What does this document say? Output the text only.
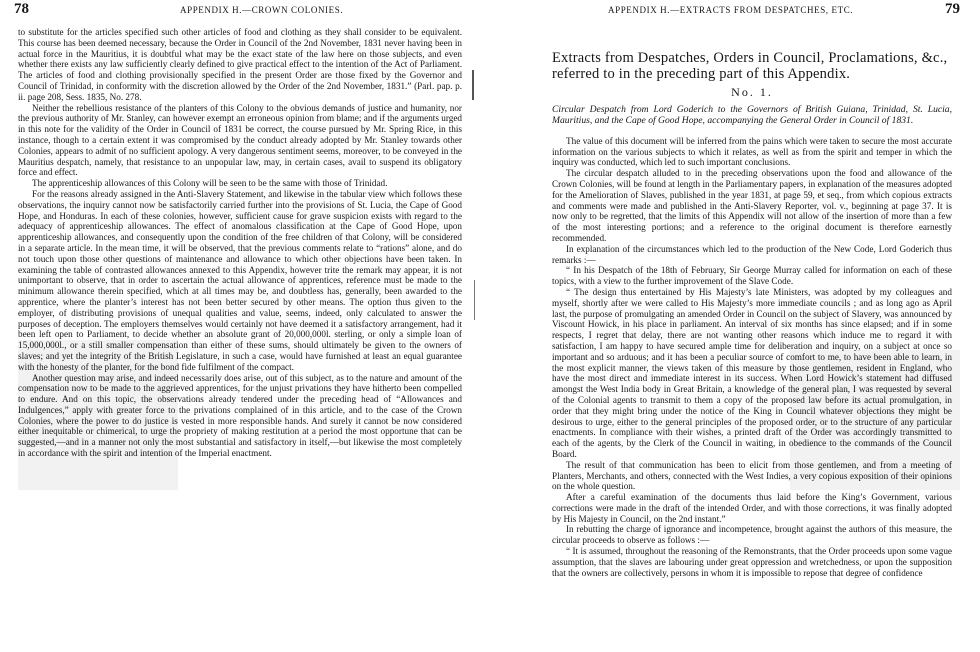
78	APPENDIX H.—CROWN COLONIES.

to substitute for the articles specified such other articles of food and clothing as they shall consider to be equivalent. This course has been deemed necessary, because the Order in Council of the 2nd November, 1831 never having been in actual force in the Mauritius, it is doubtful what may be the exact state of the law here on those subjects, and even whether there exists any law sufficiently clearly defined to give practical effect to the intention of the Act of Parliament. The articles of food and clothing provisionally specified in the present Order are those fixed by the Governor and Council of Trinidad, in conformity with the discretion allowed by the Order of the 2nd November, 1831.” (Parl. pap. p. ii. page 208, Sess. 1835, No. 278.

Neither the rebellious resistance of the planters of this Colony to the obvious demands of justice and humanity, nor the previous authority of Mr. Stanley, can however exempt an erroneous opinion from blame; and if the arguments urged in this note for the validity of the Order in Council of 1831 be correct, the course pursued by Mr. Spring Rice, in this instance, though to a certain extent it was compromised by the conduct already adopted by Mr. Stanley towards other Colonies, appears to admit of no sufficient apology. A very dangerous sentiment seems, moreover, to be conveyed in the Mauritius despatch, namely, that resistance to an unpopular law, may, in certain cases, avail to suspend its obligatory force and effect.

The apprenticeship allowances of this Colony will be seen to be the same with those of Trinidad.

For the reasons already assigned in the Anti-Slavery Statement, and likewise in the tabular view which follows these observations, the inquiry cannot now be satisfactorily carried further into the provisions of St. Lucia, the Cape of Good Hope, and Honduras. In each of these colonies, however, sufficient cause for grave suspicion exists with regard to the adequacy of apprenticeship allowances. The effect of anomalous classification at the Cape of Good Hope, upon apprenticeship allowances, and consequently upon the condition of the free children of that Colony, will be considered in a separate article. In the mean time, it will be observed, that the previous comments relate to “rations” alone, and do not touch upon those other questions of maintenance and allowance to which other objections have been taken. In examining the table of contrasted allowances annexed to this Appendix, however trite the remark may appear, it is not unimportant to observe, that in order to ascertain the actual allowance of apprentices, reference must be made to the minimum allowance therein specified, which at all times may be, and doubtless has, generally, been awarded to the apprentice, where the planter’s interest has not been better secured by other means. The option thus given to the employer, of distributing provisions of unequal qualities and value, seems, indeed, only calculated to answer the purposes of deception. The employers themselves would certainly not have deemed it a satisfactory arrangement, had it been left open to Parliament, to decide whether an absolute grant of 20,000,000l. sterling, or only a simple loan of 15,000,000l., or a still smaller compensation than either of these sums, should ultimately be given to the owners of slaves; and yet the integrity of the British Legislature, in such a case, would have furnished at least an equal guarantee with the honesty of the planter, for the bond fide fulfilment of the compact.

Another question may arise, and indeed necessarily does arise, out of this subject, as to the nature and amount of the compensation now to be made to the aggrieved apprentices, for the unjust privations they have hitherto been compelled to endure. And on this topic, the observations already tendered under the preceding head of “Allowances and Indulgences,” apply with greater force to the privations complained of in this article, and to the case of the Crown Colonies, where the power to do justice is vested in more responsible hands. And surely it cannot be now considered either inequitable or chimerical, to urge the propriety of making restitution at a period the most opportune that can be suggested,—and in a manner not only the most substantial and satisfactory in itself,—but likewise the most completely in accordance with the spirit and intention of the Imperial enactment.

APPENDIX H.—EXTRACTS FROM DESPATCHES, ETC.	79
Extracts from Despatches, Orders in Council, Proclamations, &c., referred to in the preceding part of this Appendix.
No. 1.
Circular Despatch from Lord Goderich to the Governors of British Guiana, Trinidad, St. Lucia, Mauritius, and the Cape of Good Hope, accompanying the General Order in Council of 1831.

The value of this document will be inferred from the pains which were taken to secure the most accurate information on the various subjects to which it relates, as well as from the spirit and temper in which the inquiry was conducted, which led to such important conclusions.

The circular despatch alluded to in the preceding observations upon the food and allowance of the Crown Colonies, will be found at length in the Parliamentary papers, in explanation of the measures adopted for the Amelioration of Slaves, published in the year 1831, at page 59, et seq., from which copious extracts and comments were made and published in the Anti-Slavery Reporter, vol. v., beginning at page 37. It is now only to be regretted, that the limits of this Appendix will not allow of the insertion of more than a few of the most interesting portions; and a reference to the original document is therefore earnestly recommended.

In explanation of the circumstances which led to the production of the New Code, Lord Goderich thus remarks :—

“ In his Despatch of the 18th of February, Sir George Murray called for information on each of these topics, with a view to the further improvement of the Slave Code.

“ The design thus entertained by His Majesty’s late Ministers, was adopted by my colleagues and myself, shortly after we were called to His Majesty’s more immediate councils ; and as long ago as April last, the purpose of promulgating an amended Order in Council on the subject of Slavery, was announced by Viscount Howick, in his place in parliament. An interval of six months has since elapsed; and if in some respects, I regret that delay, there are not wanting other reasons which induce me to regard it with satisfaction, I am happy to have secured ample time for deliberation and inquiry, on a subject at once so important and so arduous; and it has been a peculiar source of comfort to me, to have been able to learn, in the most explicit manner, the views taken of this measure by those gentlemen, resident in England, who have the most direct and immediate interest in its success. When Lord Howick’s statement had diffused amongst the West India body in Great Britain, a knowledge of the general plan, I was requested by several of the Colonial agents to transmit to them a copy of the proposed law before its actual promulgation, in order that they might bring under the notice of the King in Council whatever objections they might be desirous to urge, either to the general principles of the proposed order, or to the structure of any particular enactments. In compliance with their wishes, a printed draft of the Order was accordingly transmitted to each of the agents, by the Clerk of the Council in waiting, in obedience to the commands of the Council Board.

The result of that communication has been to elicit from those gentlemen, and from a meeting of Planters, Merchants, and others, connected with the West Indies, a very copious exposition of their opinions on the whole question.

After a careful examination of the documents thus laid before the King’s Government, various corrections were made in the draft of the intended Order, and with those corrections, it was finally adopted by His Majesty in Council, on the 2nd instant.”

In rebutting the charge of ignorance and incompetence, brought against the authors of this measure, the circular proceeds to observe as follows :—

“ It is assumed, throughout the reasoning of the Remonstrants, that the Order proceeds upon some vague assumption, that the slaves are labouring under great oppression and wretchedness, or upon the supposition that the owners are collectively, persons in whom it is impossible to repose that degree of confidence
